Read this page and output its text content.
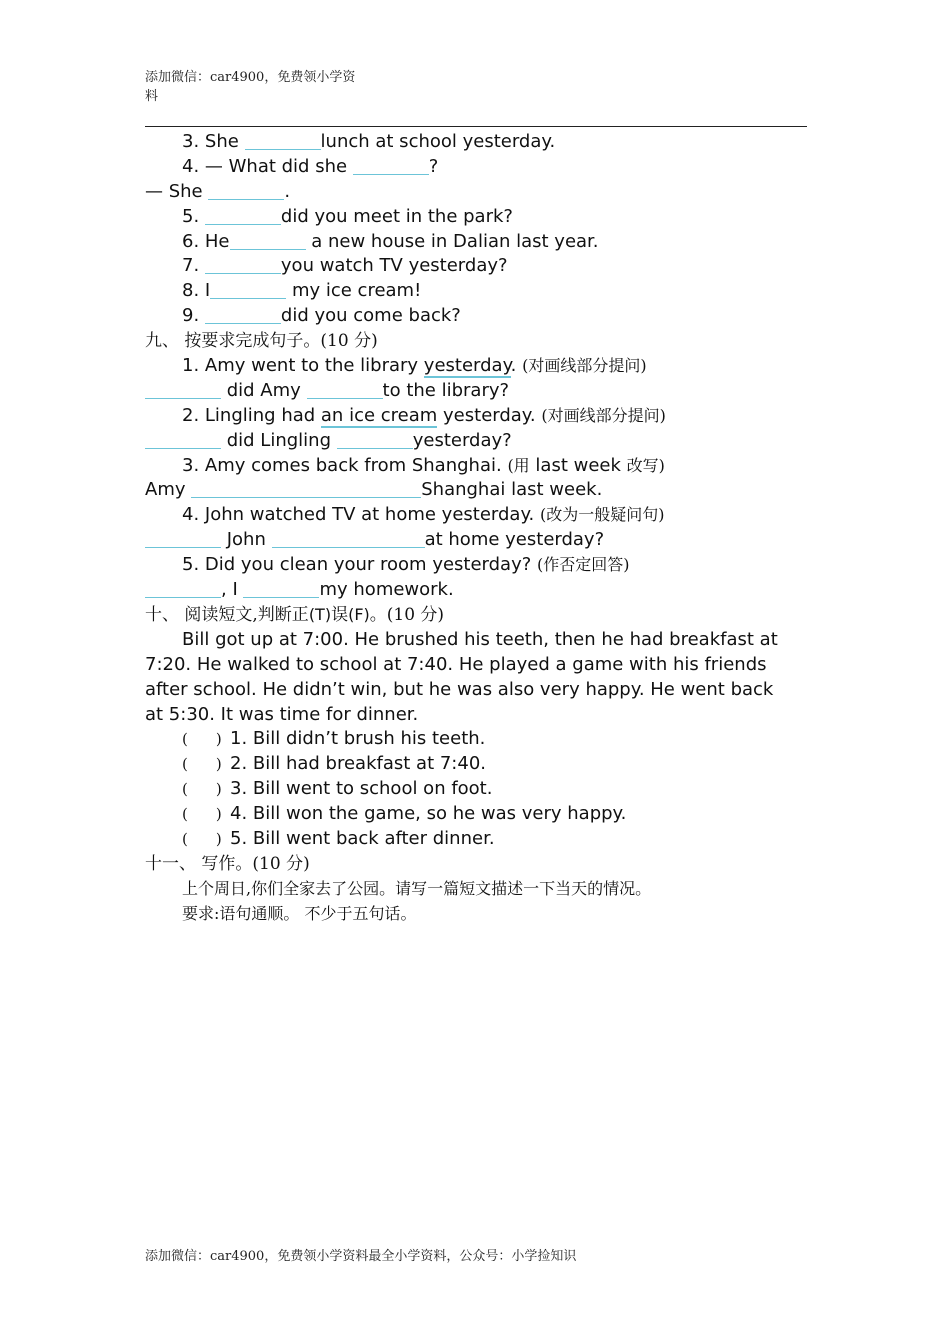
添加微信：car4900，免费领小学资
料
3. She	lunch at school yesterday.
4. — What did she	?
— She	.
5.	did you meet in the park?
6. He	a new house in Dalian last year.
7.	you watch TV yesterday?
8. I	my ice cream!
9.	did you come back?
九、 按要求完成句子。(10 分)
1. Amy went to the library yesterday. (对画线部分提问)
did Amy	to the library?
2. Lingling had an ice cream yesterday. (对画线部分提问)
did Lingling	yesterday?
3. Amy comes back from Shanghai. (用 last week 改写)
Amy	Shanghai last week.
4. John watched TV at home yesterday. (改为一般疑问句)
John	at home yesterday?
5. Did you clean your room yesterday? (作否定回答)
, I	my homework.
十、 阅读短文,判断正(T)误(F)。(10 分)
Bill got up at 7:00. He brushed his teeth, then he had breakfast at 7:20. He walked to school at 7:40. He played a game with his friends after school. He didn’t win, but he was also very happy. He went back at 5:30. It was time for dinner.
( ) 1. Bill didn’t brush his teeth.
( ) 2. Bill had breakfast at 7:40.
( ) 3. Bill went to school on foot.
( ) 4. Bill won the game, so he was very happy.
( ) 5. Bill went back after dinner.
十一、 写作。(10 分)
上个周日,你们全家去了公园。请写一篇短文描述一下当天的情况。
要求:语句通顺。 不少于五句话。
添加微信：car4900，免费领小学资料最全小学资料，公众号：小学捡知识
